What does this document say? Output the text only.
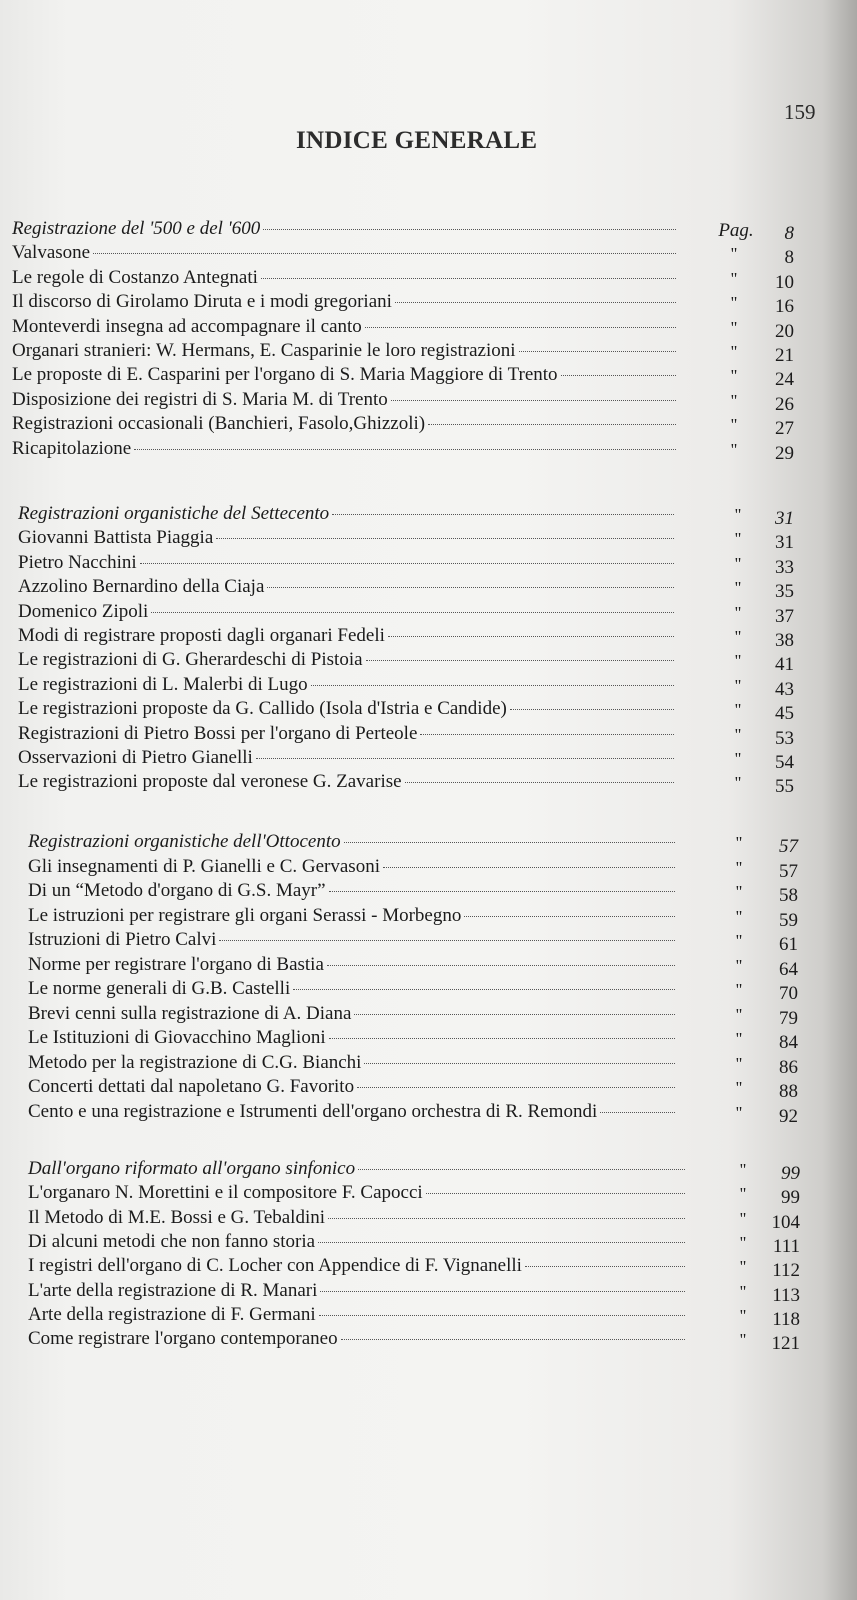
159
INDICE GENERALE
Registrazione del '500 e del '600	Pag.	8
Valvasone	"	8
Le regole di Costanzo Antegnati	"	10
Il discorso di Girolamo Diruta e i modi gregoriani	"	16
Monteverdi insegna ad accompagnare il canto	"	20
Organari stranieri: W. Hermans, E. Casparinie le loro registrazioni	"	21
Le proposte di E. Casparini per l'organo di S. Maria Maggiore di Trento	"	24
Disposizione dei registri di S. Maria M. di Trento	"	26
Registrazioni occasionali (Banchieri, Fasolo,Ghizzoli)	"	27
Ricapitolazione	"	29
Registrazioni organistiche del Settecento	"	31
Giovanni Battista Piaggia	"	31
Pietro Nacchini	"	33
Azzolino Bernardino della Ciaja	"	35
Domenico Zipoli	"	37
Modi di registrare proposti dagli organari Fedeli	"	38
Le registrazioni di G. Gherardeschi di Pistoia	"	41
Le registrazioni di L. Malerbi di Lugo	"	43
Le registrazioni proposte da G. Callido (Isola d'Istria e Candide)	"	45
Registrazioni di Pietro Bossi per l'organo di Perteole	"	53
Osservazioni di Pietro Gianelli	"	54
Le registrazioni proposte dal veronese G. Zavarise	"	55
Registrazioni organistiche dell'Ottocento	"	57
Gli insegnamenti di P. Gianelli e C. Gervasoni	"	57
Di un “Metodo d'organo di G.S. Mayr”	"	58
Le istruzioni per registrare gli organi Serassi - Morbegno	"	59
Istruzioni di Pietro Calvi	"	61
Norme per registrare l'organo di Bastia	"	64
Le norme generali di G.B. Castelli	"	70
Brevi cenni sulla registrazione di A. Diana	"	79
Le Istituzioni di Giovacchino Maglioni	"	84
Metodo per la registrazione di C.G. Bianchi	"	86
Concerti dettati dal napoletano G. Favorito	"	88
Cento e una registrazione e Istrumenti dell'organo orchestra di R. Remondi	"	92
Dall'organo riformato all'organo sinfonico	"	99
L'organaro N. Morettini e il compositore F. Capocci	"	99
Il Metodo di M.E. Bossi e G. Tebaldini	"	104
Di alcuni metodi che non fanno storia	"	111
I registri dell'organo di C. Locher con Appendice di F. Vignanelli	"	112
L'arte della registrazione di R. Manari	"	113
Arte della registrazione di F. Germani	"	118
Come registrare l'organo contemporaneo	"	121
